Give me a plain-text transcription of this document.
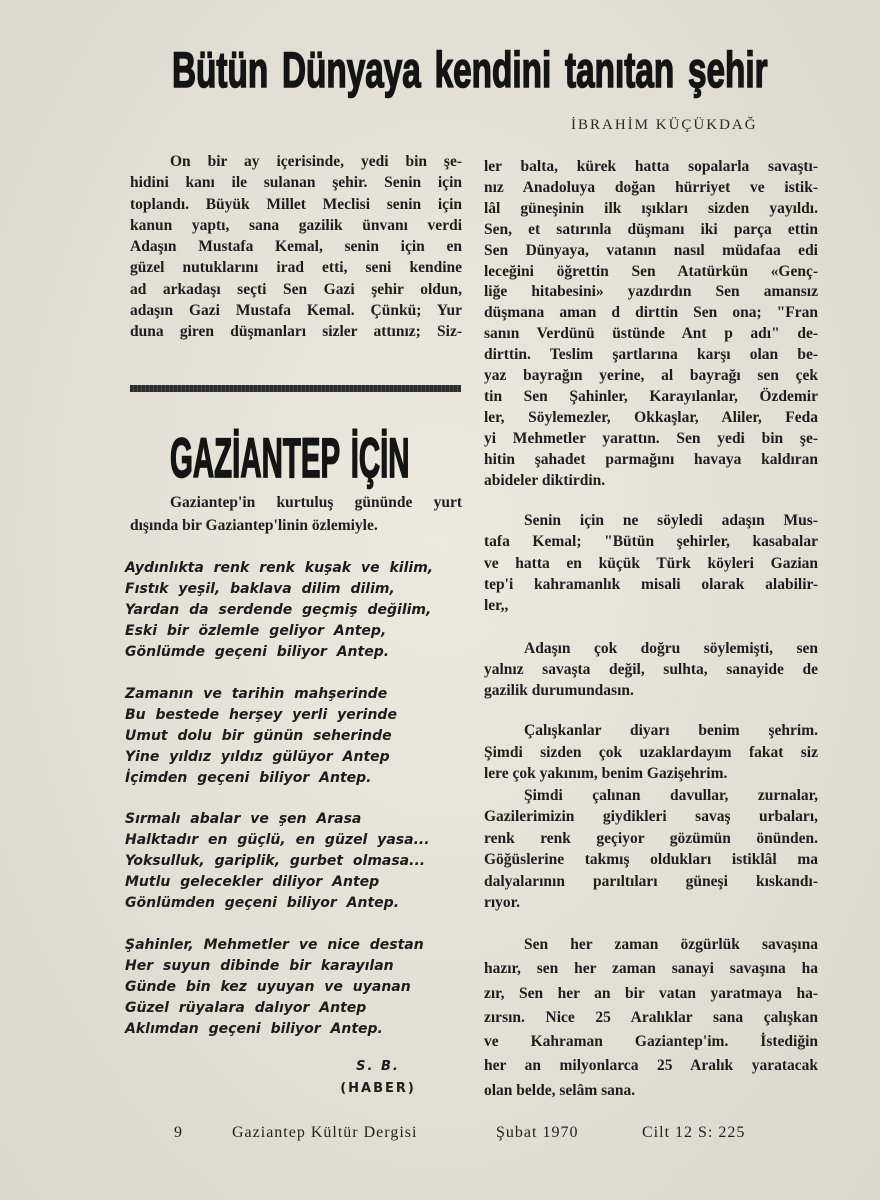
Bütün Dünyaya kendini tanıtan şehir
İBRAHİM KÜÇÜKDAĞ
On bir ay içerisinde, yedi bin şe-
hidini kanı ile sulanan şehir. Senin için
toplandı. Büyük Millet Meclisi senin için
kanun yaptı, sana gazilik ünvanı verdi
Adaşın Mustafa Kemal, senin için en
güzel nutuklarını irad etti, seni kendine
ad arkadaşı seçti Sen Gazi şehir oldun,
adaşın Gazi Mustafa Kemal. Çünkü; Yur
duna giren düşmanları sizler attınız; Siz-
GAZİANTEP İÇİN
Gaziantep'in kurtuluş gününde yurt
dışında bir Gaziantep'linin özlemiyle.
Aydınlıkta renk renk kuşak ve kilim,
Fıstık yeşil, baklava dilim dilim,
Yardan da serdende geçmiş değilim,
Eski bir özlemle geliyor Antep,
Gönlümde geçeni biliyor Antep.
Zamanın ve tarihin mahşerinde
Bu bestede herşey yerli yerinde
Umut dolu bir günün seherinde
Yine yıldız yıldız gülüyor Antep
İçimden geçeni biliyor Antep.
Sırmalı abalar ve şen Arasa
Halktadır en güçlü, en güzel yasa...
Yoksulluk, gariplik, gurbet olmasa...
Mutlu gelecekler diliyor Antep
Gönlümden geçeni biliyor Antep.
Şahinler, Mehmetler ve nice destan
Her suyun dibinde bir karayılan
Günde bin kez uyuyan ve uyanan
Güzel rüyalara dalıyor Antep
Aklımdan geçeni biliyor Antep.
S. B.
(HABER)
ler balta, kürek hatta sopalarla savaştı-
nız Anadoluya doğan hürriyet ve istik-
lâl güneşinin ilk ışıkları sizden yayıldı.
Sen, et satırınla düşmanı iki parça ettin
Sen Dünyaya, vatanın nasıl müdafaa edi
leceğini öğrettin Sen Atatürkün «Genç-
liğe hitabesini» yazdırdın Sen amansız
düşmana aman d dirttin Sen ona; "Fran
sanın Verdünü üstünde Ant p adı" de-
dirttin. Teslim şartlarına karşı olan be-
yaz bayrağın yerine, al bayrağı sen çek
tin Sen Şahinler, Karayılanlar, Özdemir
ler, Söylemezler, Okkaşlar, Aliler, Feda
yi Mehmetler yarattın. Sen yedi bin şe-
hitin şahadet parmağını havaya kaldıran
abideler diktirdin.
Senin için ne söyledi adaşın Mus-
tafa Kemal; "Bütün şehirler, kasabalar
ve hatta en küçük Türk köyleri Gazian
tep'i kahramanlık misali olarak alabilir-
ler,,
Adaşın çok doğru söylemişti, sen
yalnız savaşta değil, sulhta, sanayide de
gazilik durumundasın.
Çalışkanlar diyarı benim şehrim.
Şimdi sizden çok uzaklardayım fakat siz
lere çok yakınım, benim Gazişehrim.
Şimdi çalınan davullar, zurnalar,
Gazilerimizin giydikleri savaş urbaları,
renk renk geçiyor gözümün önünden.
Göğüslerine takmış oldukları istiklâl ma
dalyalarının parıltıları güneşi kıskandı-
rıyor.
Sen her zaman özgürlük savaşına
hazır, sen her zaman sanayi savaşına ha
zır, Sen her an bir vatan yaratmaya ha-
zırsın. Nice 25 Aralıklar sana çalışkan
ve Kahraman Gaziantep'im. İstediğin
her an milyonlarca 25 Aralık yaratacak
olan belde, selâm sana.
9	Gaziantep Kültür Dergisi	Şubat 1970	Cilt 12 S: 225
